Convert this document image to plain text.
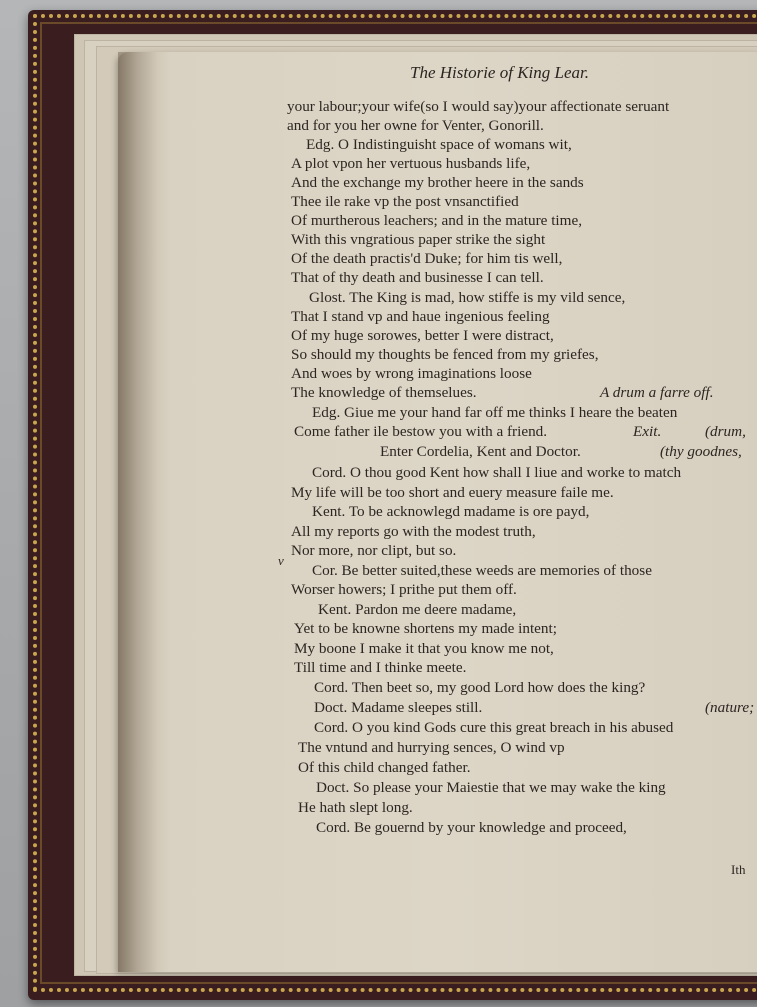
The Historie of King Lear.
v
your labour;your wife(so I would say)your affectionate seruant
and for you her owne for Venter, Gonorill.
Edg. O Indistinguisht space of womans wit,
A plot vpon her vertuous husbands life,
And the exchange my brother heere in the sands
Thee ile rake vp the post vnsanctified
Of murtherous leachers; and in the mature time,
With this vngratious paper strike the sight
Of the death practis'd Duke; for him tis well,
That of thy death and businesse I can tell.
Glost. The King is mad, how stiffe is my vild sence,
That I stand vp and haue ingenious feeling
Of my huge sorowes, better I were distract,
So should my thoughts be fenced from my griefes,
And woes by wrong imaginations loose
The knowledge of themselues.
Edg. Giue me your hand far off me thinks I heare the beaten
Come father ile bestow you with a friend.
Enter Cordelia, Kent and Doctor.
Cord. O thou good Kent how shall I liue and worke to match
My life will be too short and euery measure faile me.
Kent. To be acknowlegd madame is ore payd,
All my reports go with the modest truth,
Nor more, nor clipt, but so.
Cor. Be better suited,these weeds are memories of those
Worser howers; I prithe put them off.
Kent. Pardon me deere madame,
Yet to be knowne shortens my made intent;
My boone I make it that you know me not,
Till time and I thinke meete.
Cord. Then beet so, my good Lord how does the king?
Doct. Madame sleepes still.
Cord. O you kind Gods cure this great breach in his abused
The vntund and hurrying sences, O wind vp
Of this child changed father.
Doct. So please your Maiestie that we may wake the king
He hath slept long.
Cord. Be gouernd by your knowledge and proceed,
A drum a farre off.
Exit.	(drum,
(thy goodnes,
(nature;
Ith
